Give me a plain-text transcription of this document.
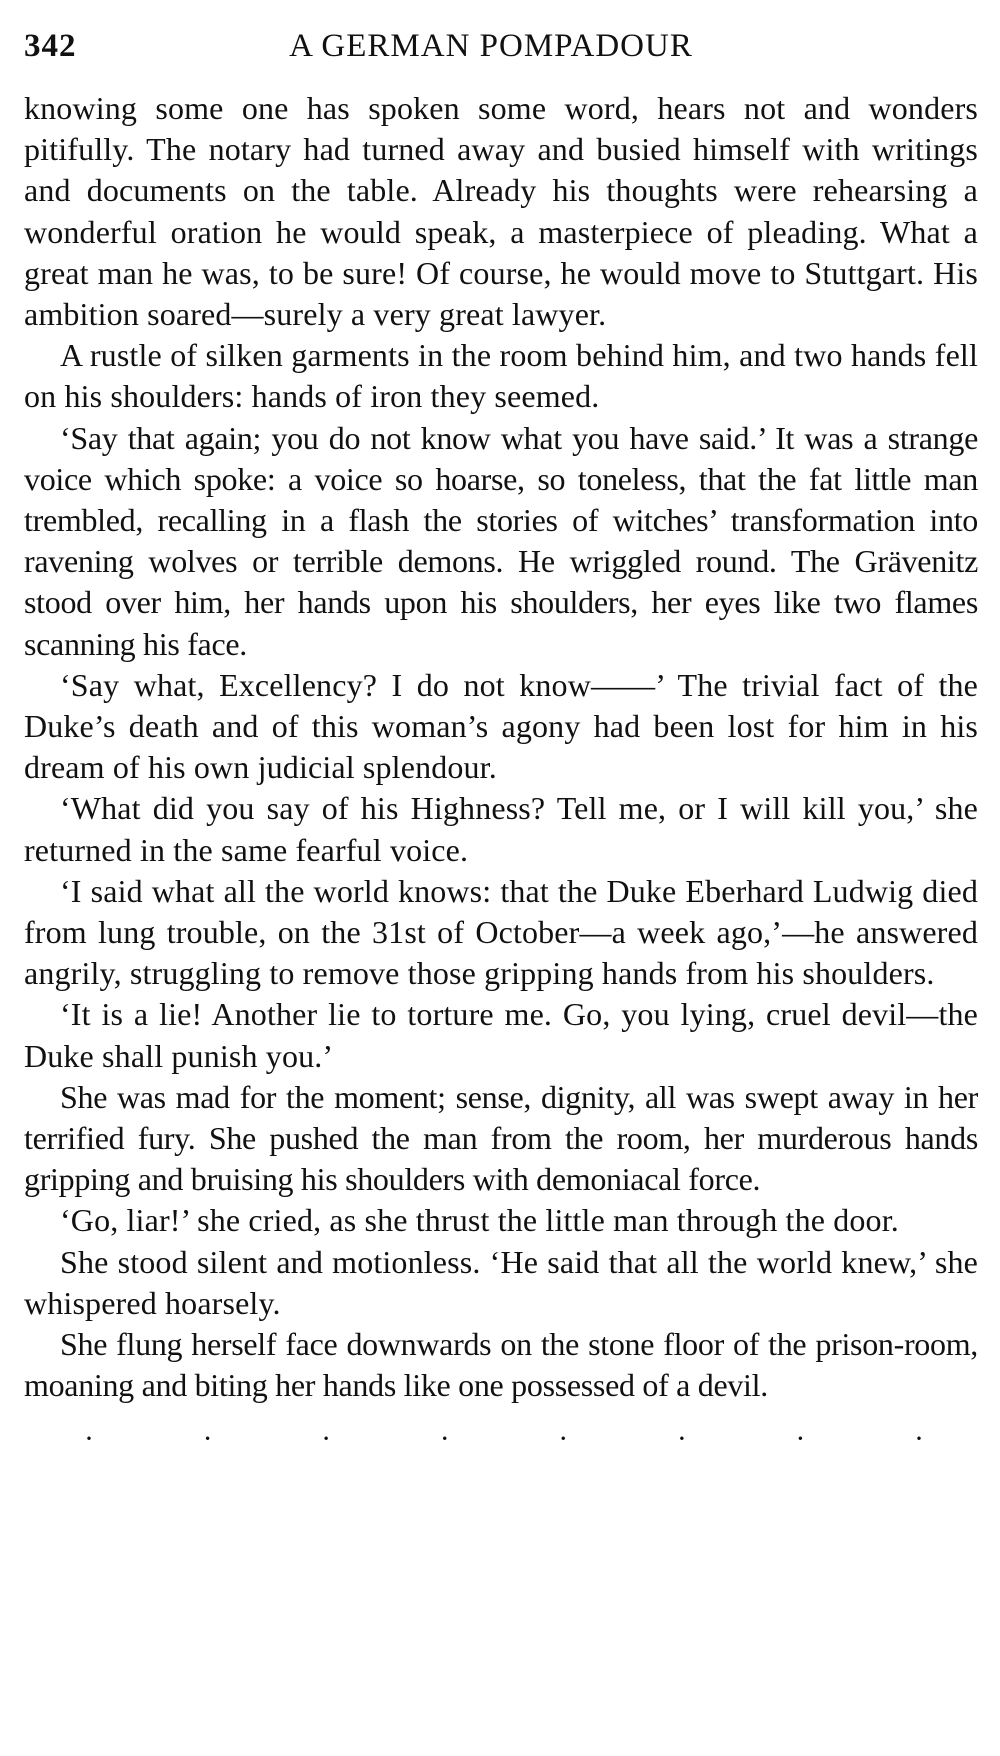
342	A GERMAN POMPADOUR

knowing some one has spoken some word, hears not and wonders pitifully. The notary had turned away and busied himself with writings and documents on the table. Already his thoughts were rehearsing a wonderful oration he would speak, a masterpiece of pleading. What a great man he was, to be sure! Of course, he would move to Stuttgart. His ambition soared—surely a very great lawyer.

A rustle of silken garments in the room behind him, and two hands fell on his shoulders: hands of iron they seemed.

‘Say that again; you do not know what you have said.’ It was a strange voice which spoke: a voice so hoarse, so toneless, that the fat little man trembled, recalling in a flash the stories of witches’ transformation into ravening wolves or terrible demons. He wriggled round. The Grävenitz stood over him, her hands upon his shoulders, her eyes like two flames scanning his face.

‘Say what, Excellency? I do not know——’ The trivial fact of the Duke’s death and of this woman’s agony had been lost for him in his dream of his own judicial splendour.

‘What did you say of his Highness? Tell me, or I will kill you,’ she returned in the same fearful voice.

‘I said what all the world knows: that the Duke Eberhard Ludwig died from lung trouble, on the 31st of October—a week ago,’—he answered angrily, struggling to remove those gripping hands from his shoulders.

‘It is a lie! Another lie to torture me. Go, you lying, cruel devil—the Duke shall punish you.’

She was mad for the moment; sense, dignity, all was swept away in her terrified fury. She pushed the man from the room, her murderous hands gripping and bruising his shoulders with demoniacal force.

‘Go, liar!’ she cried, as she thrust the little man through the door.

She stood silent and motionless. ‘He said that all the world knew,’ she whispered hoarsely.

She flung herself face downwards on the stone floor of the prison-room, moaning and biting her hands like one possessed of a devil.

·	·	·	·	·	·	·	·
